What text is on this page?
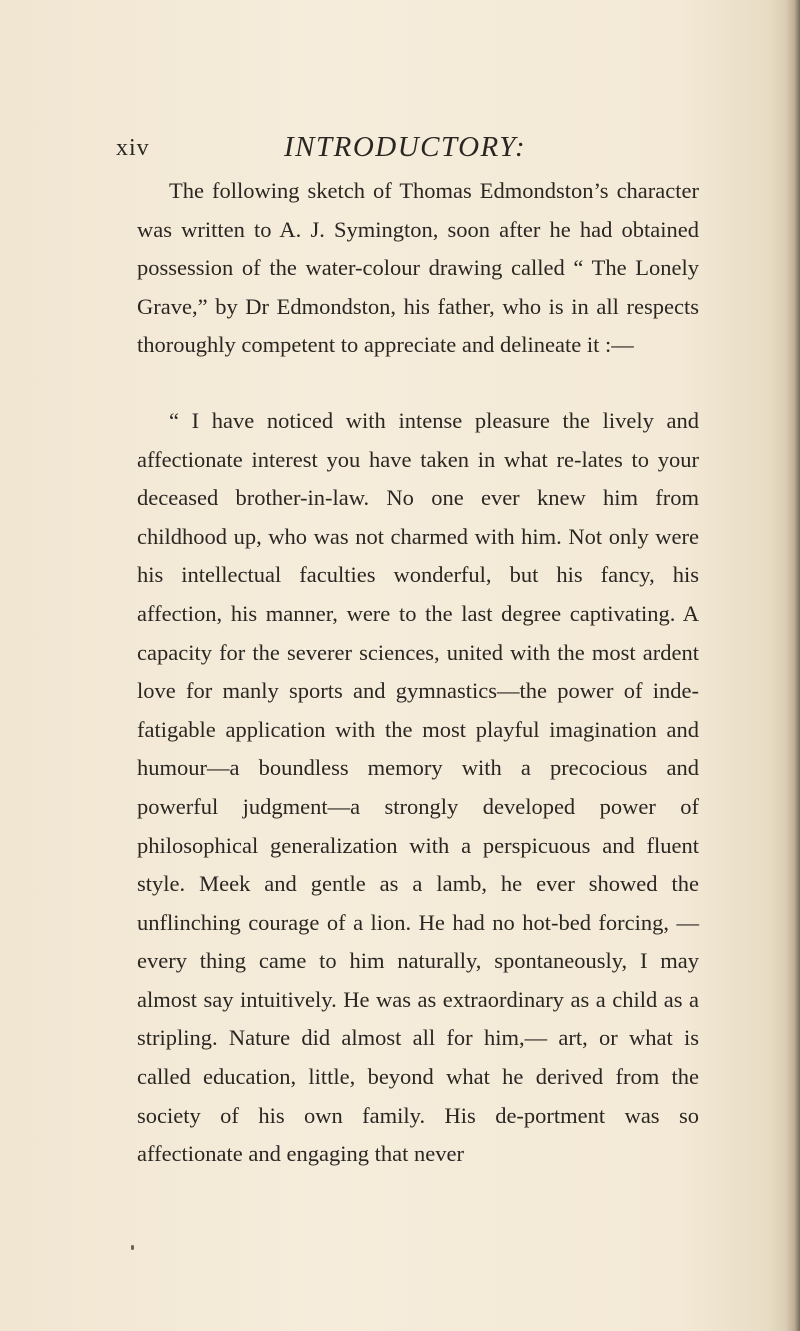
xiv	INTRODUCTORY:

The following sketch of Thomas Edmondston’s character was written to A. J. Symington, soon after he had obtained possession of the water-colour drawing called “ The Lonely Grave,” by Dr Edmondston, his father, who is in all respects thoroughly competent to appreciate and delineate it :—

“ I have noticed with intense pleasure the lively and affectionate interest you have taken in what re-lates to your deceased brother-in-law. No one ever knew him from childhood up, who was not charmed with him. Not only were his intellectual faculties wonderful, but his fancy, his affection, his manner, were to the last degree captivating. A capacity for the severer sciences, united with the most ardent love for manly sports and gymnastics—the power of inde-fatigable application with the most playful imagination and humour—a boundless memory with a precocious and powerful judgment—a strongly developed power of philosophical generalization with a perspicuous and fluent style. Meek and gentle as a lamb, he ever showed the unflinching courage of a lion. He had no hot-bed forcing, —every thing came to him naturally, spontaneously, I may almost say intuitively. He was as extraordinary as a child as a stripling. Nature did almost all for him,— art, or what is called education, little, beyond what he derived from the society of his own family. His de-portment was so affectionate and engaging that never
